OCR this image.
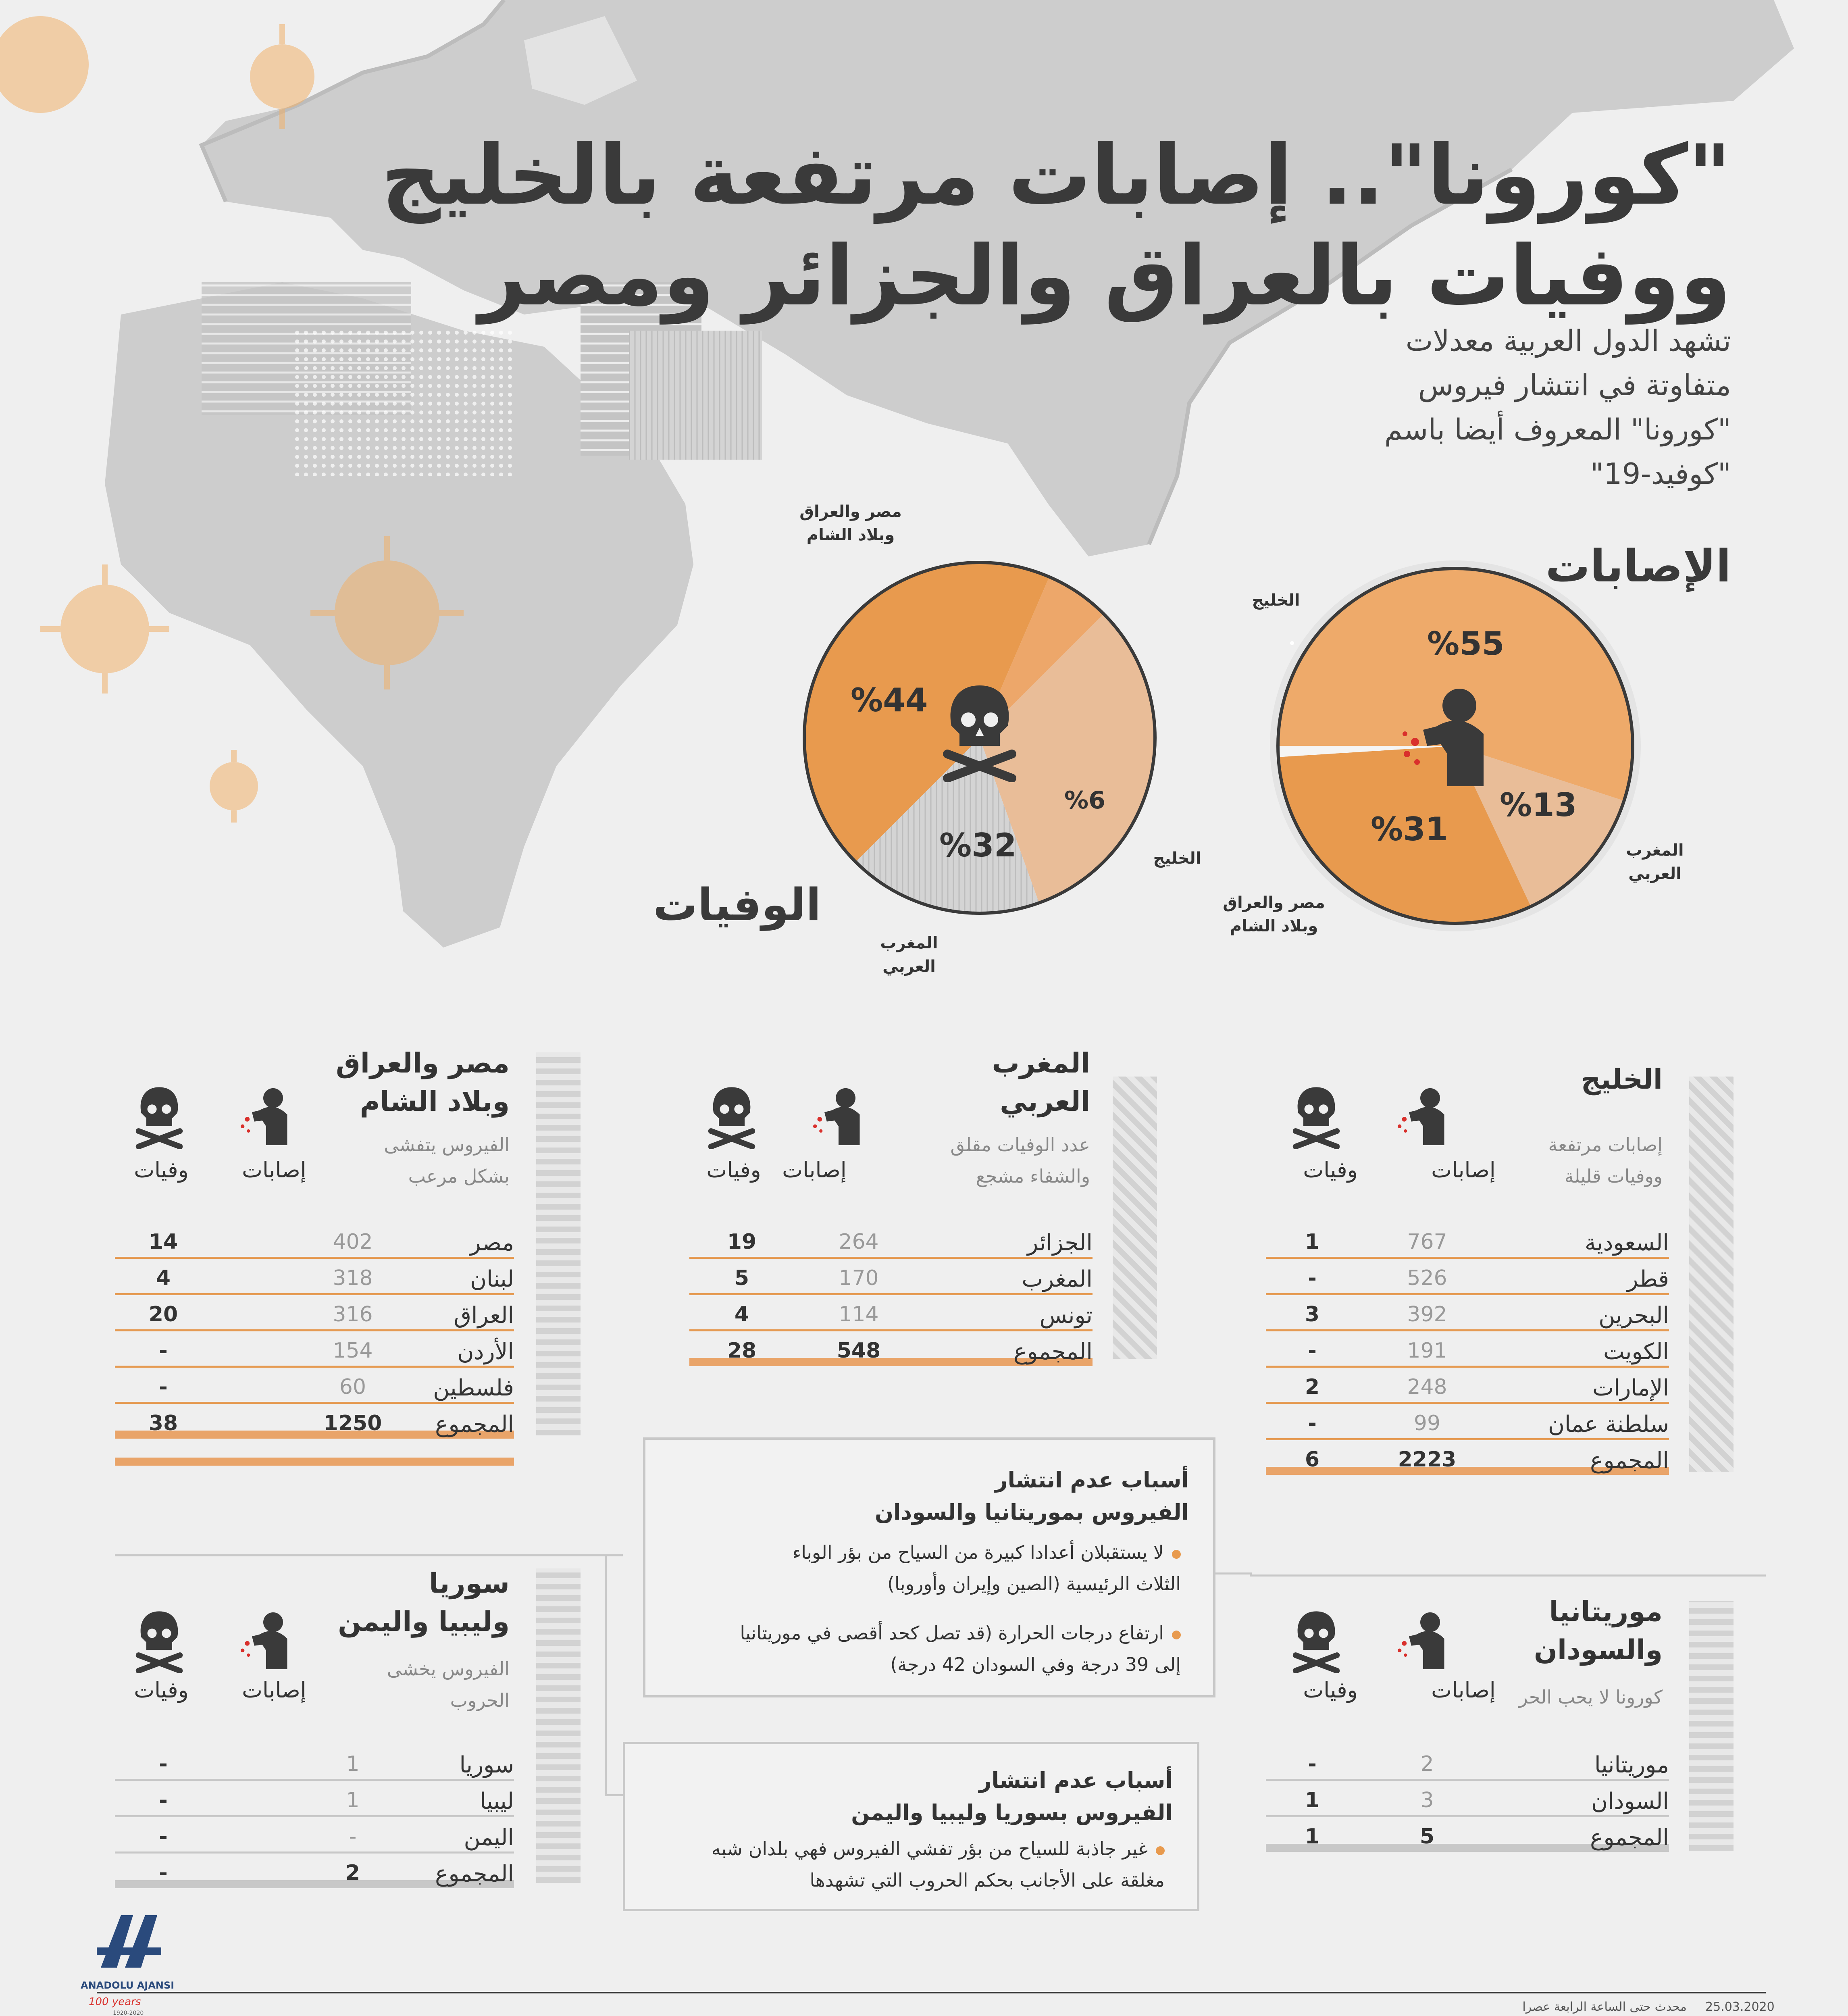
"كورونا".. إصابات مرتفعة بالخليج
ووفيات بالعراق والجزائر ومصر
تشهد الدول العربية معدلات
متفاوتة في انتشار فيروس
"كورونا" المعروف أيضا باسم
"كوفيد-19"
الإصابات
%55
%13
%31
الخليج
المغرب العربي
مصر والعراق وبلاد الشام
الوفيات
%44
%6
%32
مصر والعراق وبلاد الشام
الخليج
المغرب العربي
الخليج
إصابات مرتفعة
ووفيات قليلة
إصابات
وفيات
السعودية
767
1
قطر
526
-
البحرين
392
3
الكويت
191
-
الإمارات
248
2
سلطنة عمان
99
-
المجموع
2223
6
المغرب
العربي
عدد الوفيات مقلق
والشفاء مشجع
إصابات
وفيات
الجزائر
264
19
المغرب
170
5
تونس
114
4
المجموع
548
28
مصر والعراق
وبلاد الشام
الفيروس يتفشى
بشكل مرعب
إصابات
وفيات
مصر
402
14
لبنان
318
4
العراق
316
20
الأردن
154
-
فلسطين
60
-
المجموع
1250
38
موريتانيا
والسودان
كورونا لا يحب الحر
إصابات
وفيات
موريتانيا
2
-
السودان
3
1
المجموع
5
1
سوريا
وليبيا واليمن
الفيروس يخشى
الحروب
إصابات
وفيات
سوريا
1
-
ليبيا
1
-
اليمن
-
-
المجموع
2
-
أسباب عدم انتشار
الفيروس بموريتانيا والسودان
لا يستقبلان أعدادا كبيرة من السياح من بؤر الوباء
الثلاث الرئيسية (الصين وإيران وأوروبا)
ارتفاع درجات الحرارة (قد تصل كحد أقصى في موريتانيا
إلى 39 درجة وفي السودان 42 درجة)
أسباب عدم انتشار
الفيروس بسوريا وليبيا واليمن
غير جاذبة للسياح من بؤر تفشي الفيروس فهي بلدان شبه
مغلقة على الأجانب بحكم الحروب التي تشهدها
ANADOLU AJANSI
100 years
1920-2020	25.03.2020
محدث حتى الساعة الرابعة عصرا
